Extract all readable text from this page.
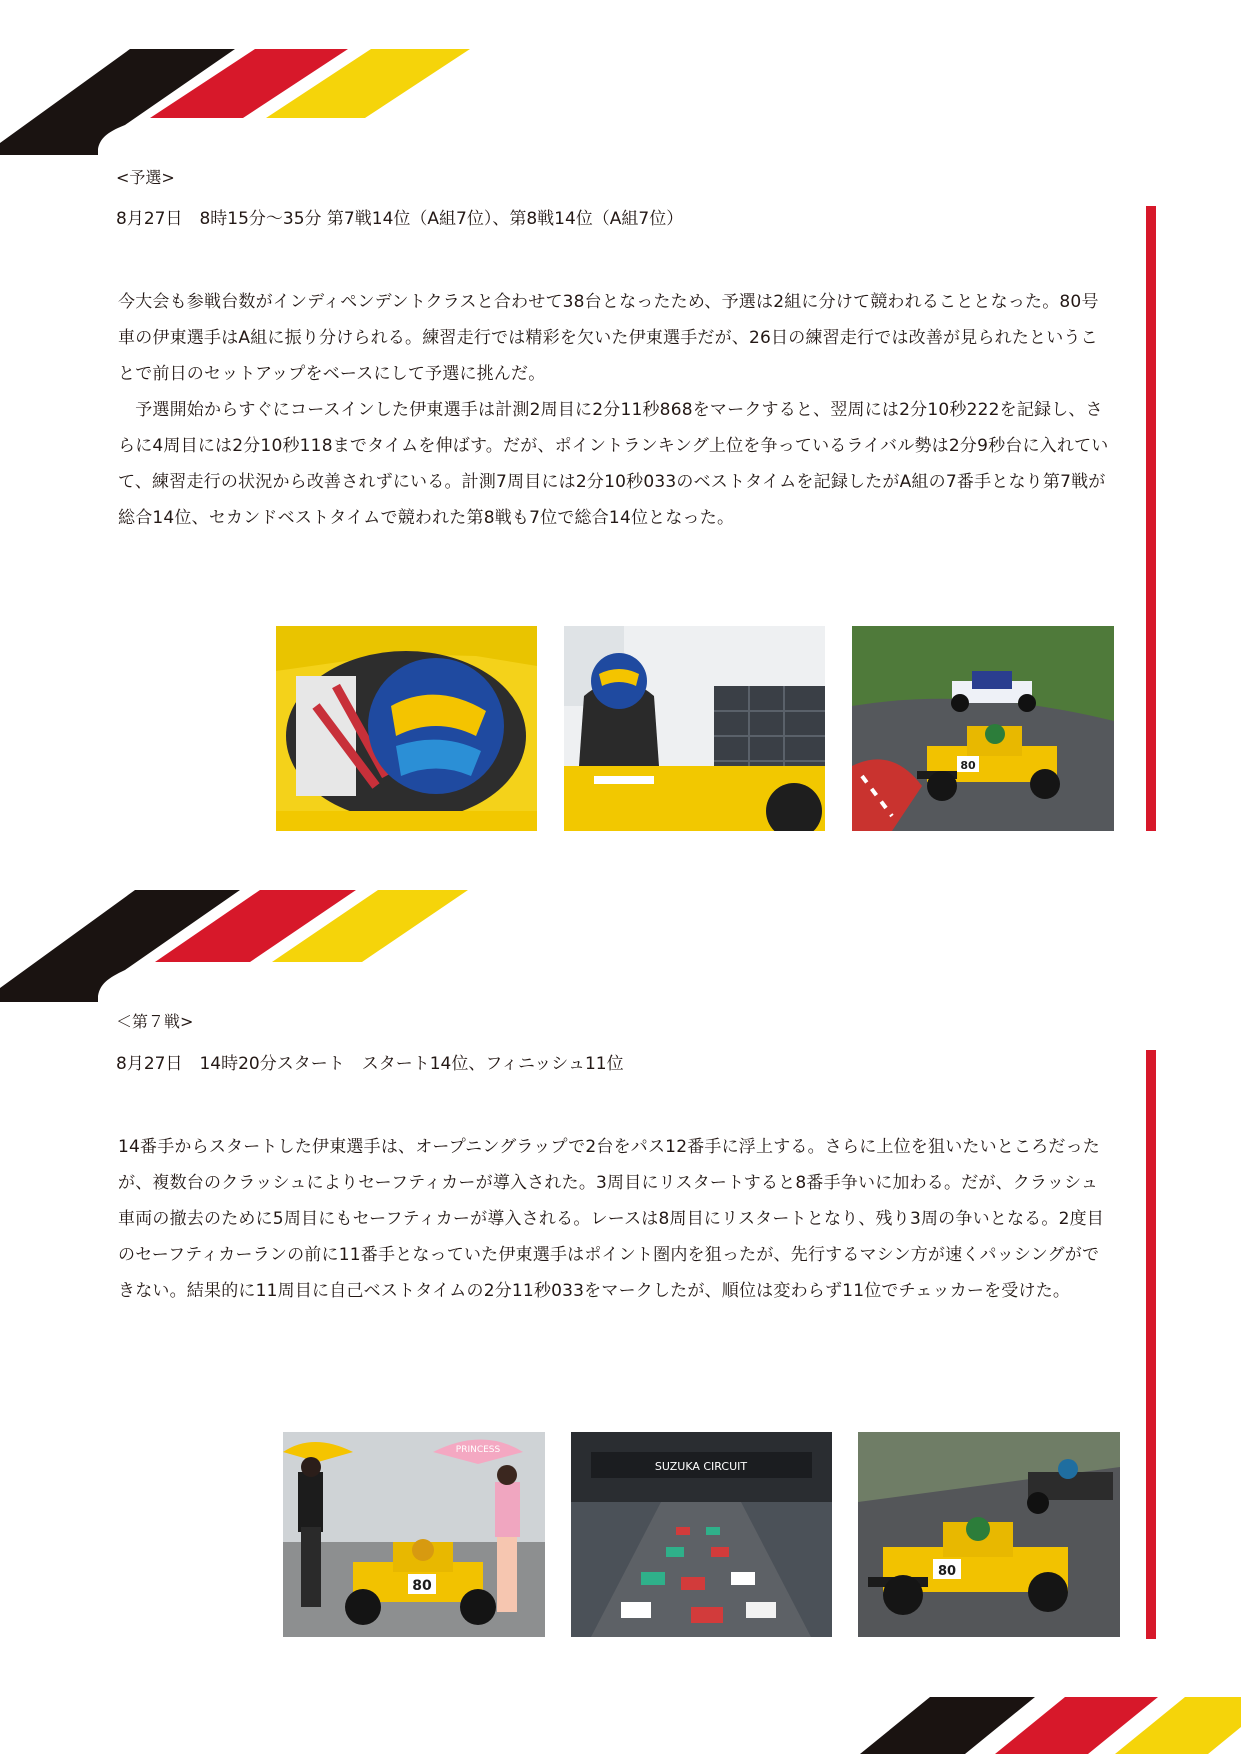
<予選>
8月27日　8時15分～35分 第7戦14位（A組7位）、第8戦14位（A組7位）

今大会も参戦台数がインディペンデントクラスと合わせて38台となったため、予選は2組に分けて競われることとなった。80号車の伊東選手はA組に振り分けられる。練習走行では精彩を欠いた伊東選手だが、26日の練習走行では改善が見られたということで前日のセットアップをベースにして予選に挑んだ。

　予選開始からすぐにコースインした伊東選手は計測2周目に2分11秒868をマークすると、翌周には2分10秒222を記録し、さらに4周目には2分10秒118までタイムを伸ばす。だが、ポイントランキング上位を争っているライバル勢は2分9秒台に入れていて、練習走行の状況から改善されずにいる。計測7周目には2分10秒033のベストタイムを記録したがA組の7番手となり第7戦が総合14位、セカンドベストタイムで競われた第8戦も7位で総合14位となった。

80
＜第７戦>
8月27日　14時20分スタート　スタート14位、フィニッシュ11位

14番手からスタートした伊東選手は、オープニングラップで2台をパス12番手に浮上する。さらに上位を狙いたいところだったが、複数台のクラッシュによりセーフティカーが導入された。3周目にリスタートすると8番手争いに加わる。だが、クラッシュ車両の撤去のために5周目にもセーフティカーが導入される。レースは8周目にリスタートとなり、残り3周の争いとなる。2度目のセーフティカーランの前に11番手となっていた伊東選手はポイント圏内を狙ったが、先行するマシン方が速くパッシングができない。結果的に11周目に自己ベストタイムの2分11秒033をマークしたが、順位は変わらず11位でチェッカーを受けた。

PRINCESS
80
SUZUKA CIRCUIT
80
